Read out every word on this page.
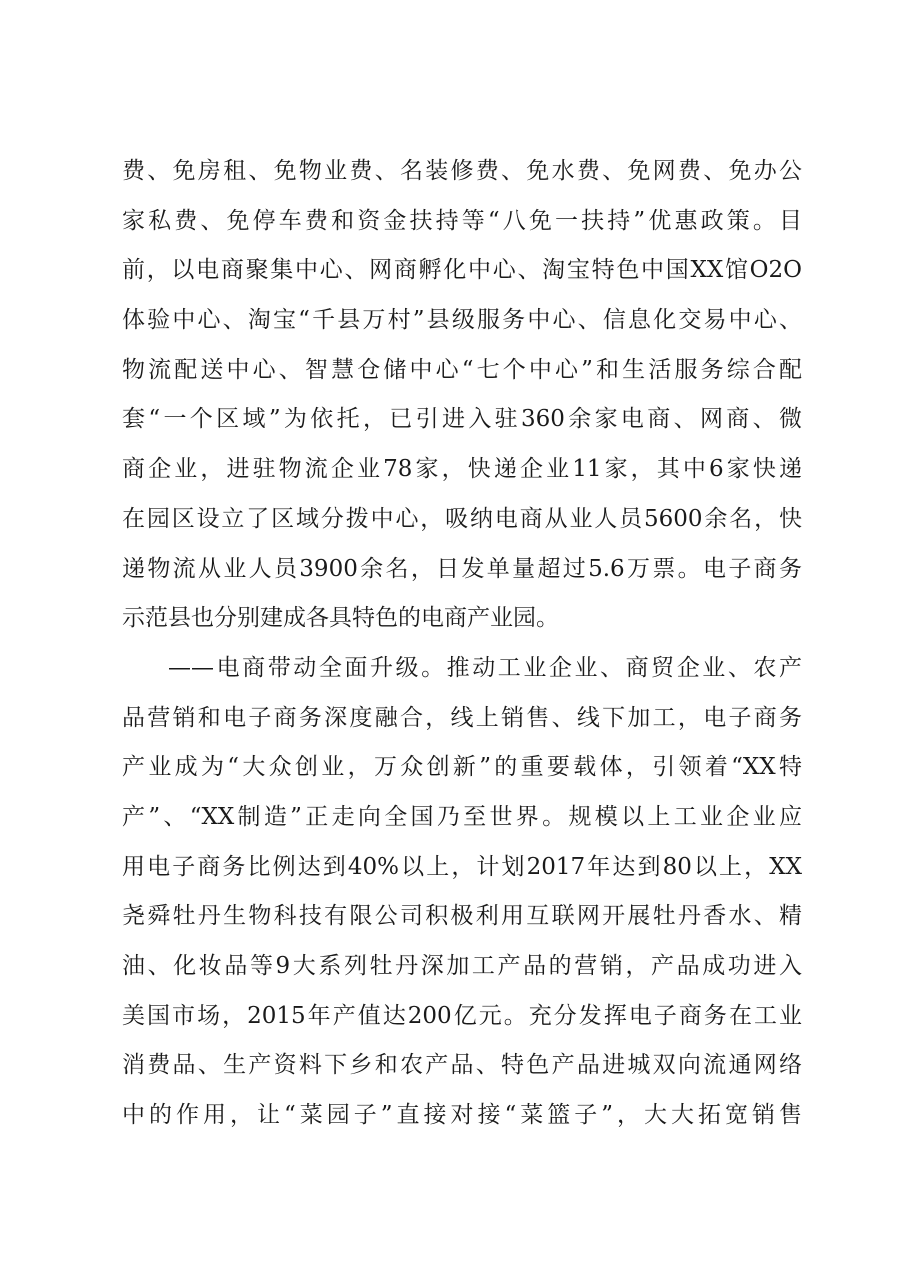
费、免房租、免物业费、名装修费、免水费、免网费、免办公
家私费、免停车费和资金扶持等“八免一扶持”优惠政策。目
前，以电商聚集中心、网商孵化中心、淘宝特色中国XX馆O2O
体验中心、淘宝“千县万村”县级服务中心、信息化交易中心、
物流配送中心、智慧仓储中心“七个中心”和生活服务综合配
套“一个区域”为依托，已引进入驻360余家电商、网商、微
商企业，进驻物流企业78家，快递企业11家，其中6家快递
在园区设立了区域分拨中心，吸纳电商从业人员5600余名，快
递物流从业人员3900余名，日发单量超过5.6万票。电子商务
示范县也分别建成各具特色的电商产业园。
——电商带动全面升级。推动工业企业、商贸企业、农产
品营销和电子商务深度融合，线上销售、线下加工，电子商务
产业成为“大众创业，万众创新”的重要载体，引领着“XX特
产”、“XX制造”正走向全国乃至世界。规模以上工业企业应
用电子商务比例达到40%以上，计划2017年达到80以上，XX
尧舜牡丹生物科技有限公司积极利用互联网开展牡丹香水、精
油、化妆品等9大系列牡丹深加工产品的营销，产品成功进入
美国市场，2015年产值达200亿元。充分发挥电子商务在工业
消费品、生产资料下乡和农产品、特色产品进城双向流通网络
中的作用，让“菜园子”直接对接“菜篮子”，大大拓宽销售
